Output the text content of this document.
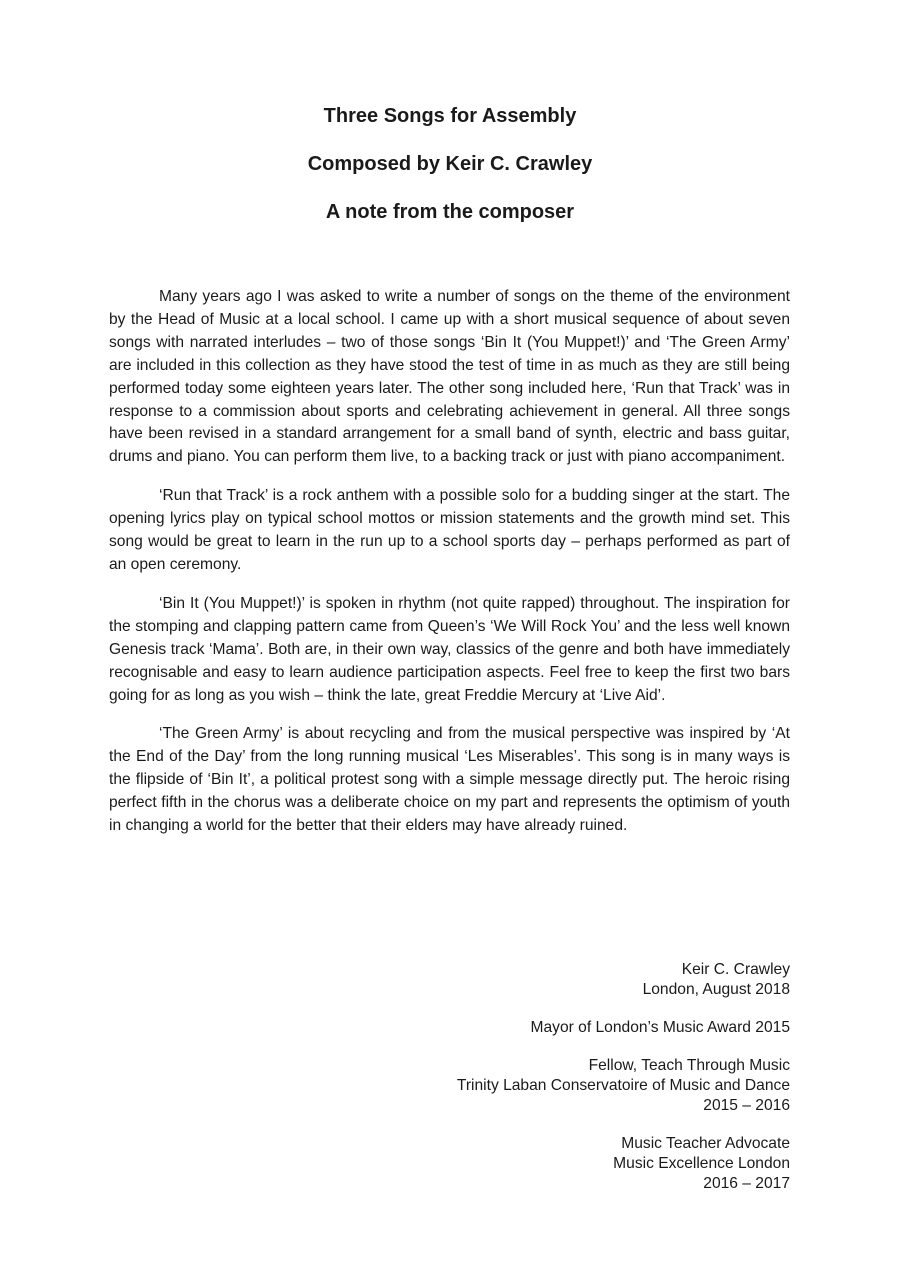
Three Songs for Assembly
Composed by Keir C. Crawley
A note from the composer

Many years ago I was asked to write a number of songs on the theme of the environment by the Head of Music at a local school. I came up with a short musical sequence of about seven songs with narrated interludes – two of those songs ‘Bin It (You Muppet!)’ and ‘The Green Army’ are included in this collection as they have stood the test of time in as much as they are still being performed today some eighteen years later. The other song included here, ‘Run that Track’ was in response to a commission about sports and celebrating achievement in general. All three songs have been revised in a standard arrangement for a small band of synth, electric and bass guitar, drums and piano. You can perform them live, to a backing track or just with piano accompaniment.

‘Run that Track’ is a rock anthem with a possible solo for a budding singer at the start. The opening lyrics play on typical school mottos or mission statements and the growth mind set. This song would be great to learn in the run up to a school sports day – perhaps performed as part of an open ceremony.

‘Bin It (You Muppet!)’ is spoken in rhythm (not quite rapped) throughout. The inspiration for the stomping and clapping pattern came from Queen’s ‘We Will Rock You’ and the less well known Genesis track ‘Mama’. Both are, in their own way, classics of the genre and both have immediately recognisable and easy to learn audience participation aspects. Feel free to keep the first two bars going for as long as you wish – think the late, great Freddie Mercury at ‘Live Aid’.

‘The Green Army’ is about recycling and from the musical perspective was inspired by ‘At the End of the Day’ from the long running musical ‘Les Miserables’. This song is in many ways is the flipside of ‘Bin It’, a political protest song with a simple message directly put. The heroic rising perfect fifth in the chorus was a deliberate choice on my part and represents the optimism of youth in changing a world for the better that their elders may have already ruined.

Keir C. Crawley
London, August 2018
Mayor of London’s Music Award 2015
Fellow, Teach Through Music
Trinity Laban Conservatoire of Music and Dance
2015 – 2016
Music Teacher Advocate
Music Excellence London
2016 – 2017
